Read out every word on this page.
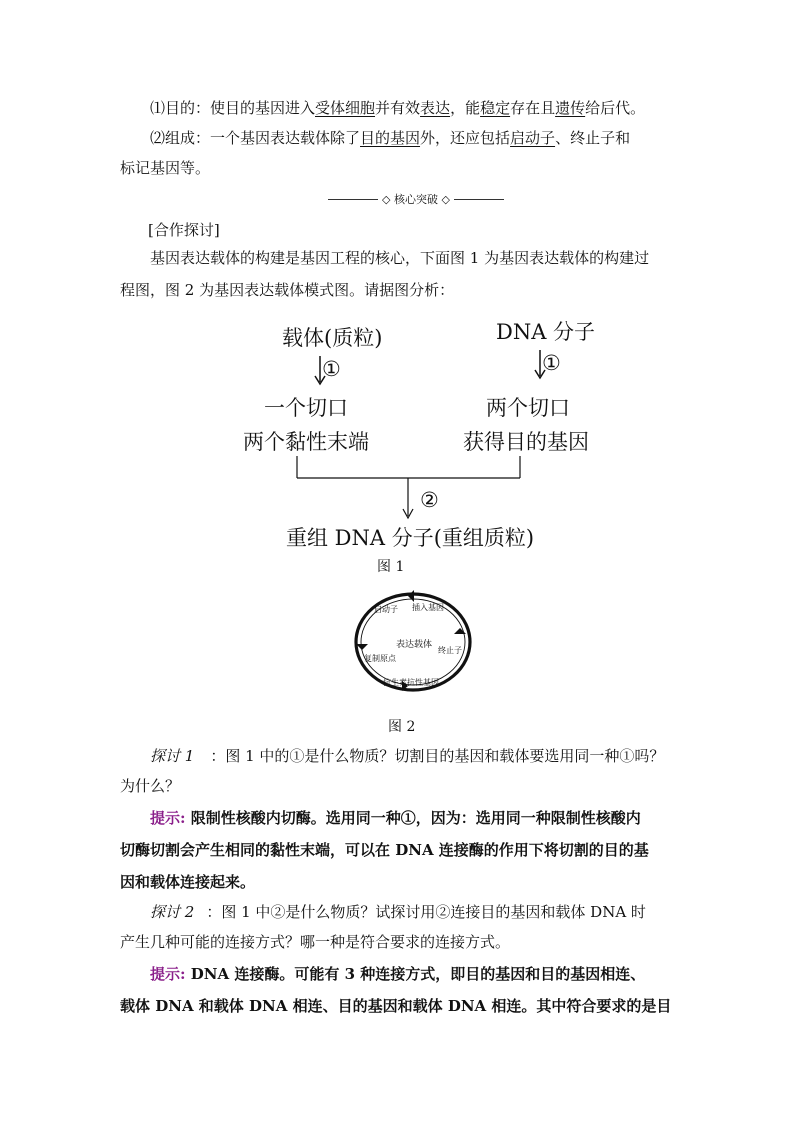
⑴目的：使目的基因进入受体细胞并有效表达，能稳定存在且遗传给后代。
⑵组成：一个基因表达载体除了目的基因外，还应包括启动子、终止子和
标记基因等。
◇ 核心突破 ◇
[合作探讨]
基因表达载体的构建是基因工程的核心，下面图 1 为基因表达载体的构建过
程图，图 2 为基因表达载体模式图。请据图分析：
载体(质粒)	DNA 分子
①	①
一个切口	两个切口
两个黏性末端	获得目的基因
②
重组 DNA 分子(重组质粒)
图 1
启动子 插入基因
表达载体
终止子
复制原点
抗生素抗性基因
图 2
探讨 1 ：图 1 中的①是什么物质？切割目的基因和载体要选用同一种①吗？
为什么？
提示: 限制性核酸内切酶。选用同一种①，因为：选用同一种限制性核酸内
切酶切割会产生相同的黏性末端，可以在 DNA 连接酶的作用下将切割的目的基
因和载体连接起来。
探讨 2 ：图 1 中②是什么物质？试探讨用②连接目的基因和载体 DNA 时
产生几种可能的连接方式？哪一种是符合要求的连接方式。
提示: DNA 连接酶。可能有 3 种连接方式，即目的基因和目的基因相连、
载体 DNA 和载体 DNA 相连、目的基因和载体 DNA 相连。其中符合要求的是目
